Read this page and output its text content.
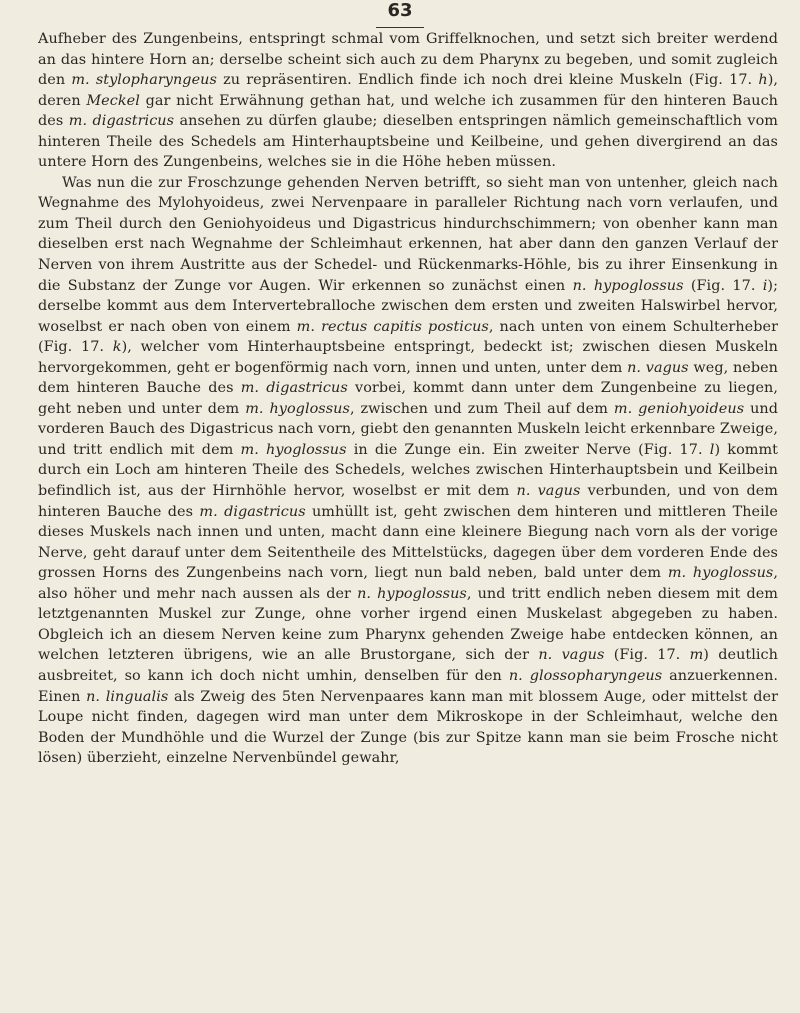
63

Aufheber des Zungenbeins, entspringt schmal vom Griffelknochen, und setzt sich breiter werdend an das hintere Horn an; derselbe scheint sich auch zu dem Pharynx zu begeben, und somit zugleich den m. stylopharyngeus zu repräsentiren. Endlich finde ich noch drei kleine Muskeln (Fig. 17. h), deren Meckel gar nicht Erwähnung gethan hat, und welche ich zusammen für den hinteren Bauch des m. digastricus ansehen zu dürfen glaube; dieselben entspringen nämlich gemeinschaftlich vom hinteren Theile des Schedels am Hinterhauptsbeine und Keilbeine, und gehen divergirend an das untere Horn des Zungenbeins, welches sie in die Höhe heben müssen.

Was nun die zur Froschzunge gehenden Nerven betrifft, so sieht man von untenher, gleich nach Wegnahme des Mylohyoideus, zwei Nervenpaare in paralleler Richtung nach vorn verlaufen, und zum Theil durch den Geniohyoideus und Digastricus hindurchschimmern; von obenher kann man dieselben erst nach Wegnahme der Schleimhaut erkennen, hat aber dann den ganzen Verlauf der Nerven von ihrem Austritte aus der Schedel- und Rückenmarks-Höhle, bis zu ihrer Einsenkung in die Substanz der Zunge vor Augen. Wir erkennen so zunächst einen n. hypoglossus (Fig. 17. i); derselbe kommt aus dem Intervertebralloche zwischen dem ersten und zweiten Halswirbel hervor, woselbst er nach oben von einem m. rectus capitis posticus, nach unten von einem Schulterheber (Fig. 17. k), welcher vom Hinterhauptsbeine entspringt, bedeckt ist; zwischen diesen Muskeln hervorgekommen, geht er bogenförmig nach vorn, innen und unten, unter dem n. vagus weg, neben dem hinteren Bauche des m. digastricus vorbei, kommt dann unter dem Zungenbeine zu liegen, geht neben und unter dem m. hyoglossus, zwischen und zum Theil auf dem m. geniohyoideus und vorderen Bauch des Digastricus nach vorn, giebt den genannten Muskeln leicht erkennbare Zweige, und tritt endlich mit dem m. hyoglossus in die Zunge ein. Ein zweiter Nerve (Fig. 17. l) kommt durch ein Loch am hinteren Theile des Schedels, welches zwischen Hinterhauptsbein und Keilbein befindlich ist, aus der Hirnhöhle hervor, woselbst er mit dem n. vagus verbunden, und von dem hinteren Bauche des m. digastricus umhüllt ist, geht zwischen dem hinteren und mittleren Theile dieses Muskels nach innen und unten, macht dann eine kleinere Biegung nach vorn als der vorige Nerve, geht darauf unter dem Seitentheile des Mittelstücks, dagegen über dem vorderen Ende des grossen Horns des Zungenbeins nach vorn, liegt nun bald neben, bald unter dem m. hyoglossus, also höher und mehr nach aussen als der n. hypoglossus, und tritt endlich neben diesem mit dem letztgenannten Muskel zur Zunge, ohne vorher irgend einen Muskelast abgegeben zu haben. Obgleich ich an diesem Nerven keine zum Pharynx gehenden Zweige habe entdecken können, an welchen letzteren übrigens, wie an alle Brustorgane, sich der n. vagus (Fig. 17. m) deutlich ausbreitet, so kann ich doch nicht umhin, denselben für den n. glossopharyngeus anzuerkennen. Einen n. lingualis als Zweig des 5ten Nervenpaares kann man mit blossem Auge, oder mittelst der Loupe nicht finden, dagegen wird man unter dem Mikroskope in der Schleimhaut, welche den Boden der Mundhöhle und die Wurzel der Zunge (bis zur Spitze kann man sie beim Frosche nicht lösen) überzieht, einzelne Nervenbündel gewahr,
